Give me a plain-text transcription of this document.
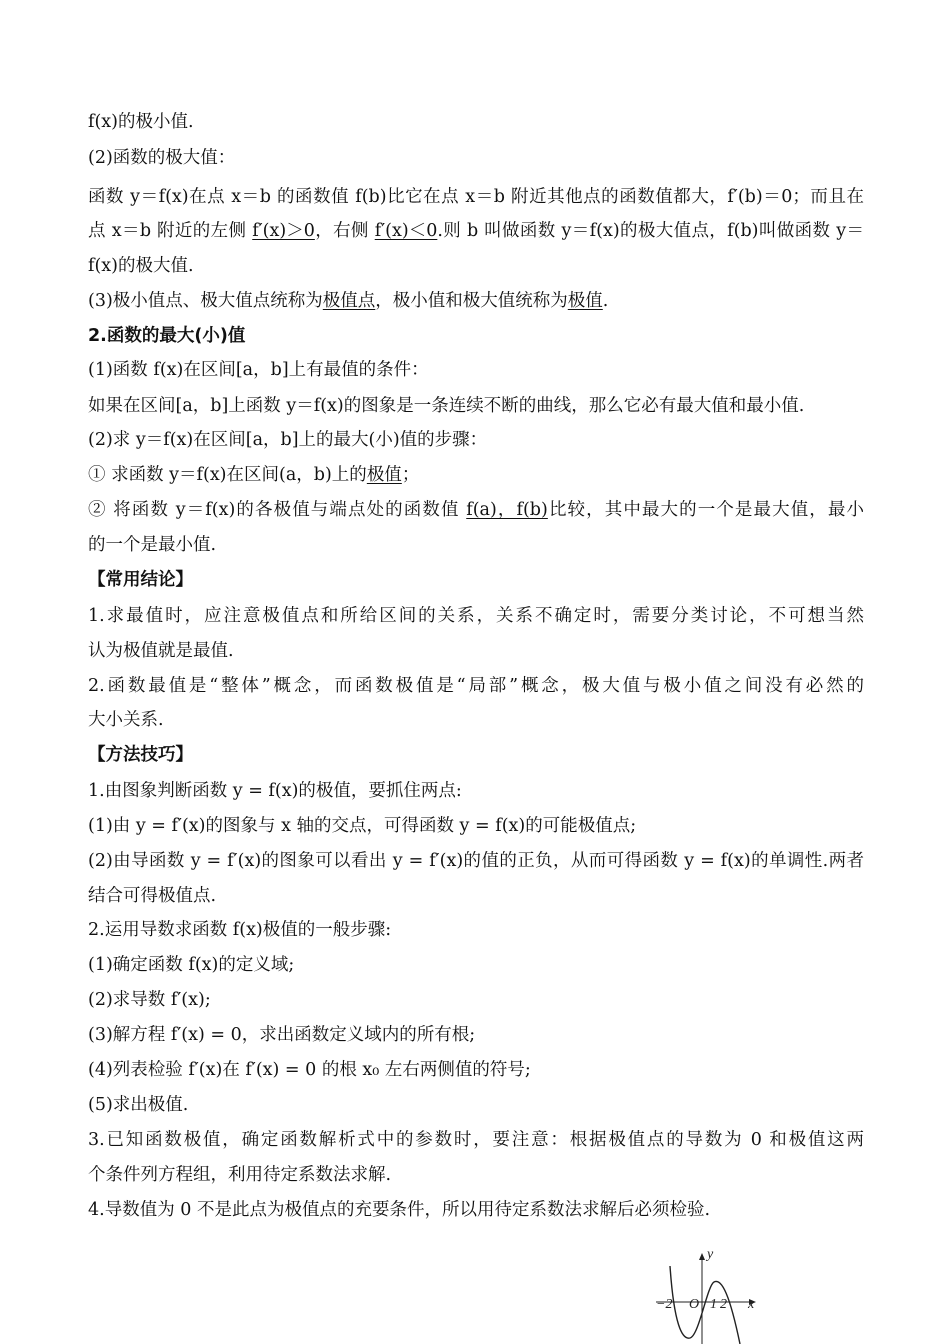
f(x)的极小值.
(2)函数的极大值：
函数 y＝f(x)在点 x＝b 的函数值 f(b)比它在点 x＝b 附近其他点的函数值都大，f′(b)＝0；而且在
点 x＝b 附近的左侧 f′(x)＞0，右侧 f′(x)＜0.则 b 叫做函数 y＝f(x)的极大值点，f(b)叫做函数 y＝
f(x)的极大值.
(3)极小值点、极大值点统称为极值点，极小值和极大值统称为极值.
2.函数的最大(小)值
(1)函数 f(x)在区间[a，b]上有最值的条件：
如果在区间[a，b]上函数 y＝f(x)的图象是一条连续不断的曲线，那么它必有最大值和最小值.
(2)求 y＝f(x)在区间[a，b]上的最大(小)值的步骤：
① 求函数 y＝f(x)在区间(a，b)上的极值；
② 将函数 y＝f(x)的各极值与端点处的函数值 f(a)，f(b)比较，其中最大的一个是最大值，最小
的一个是最小值.
【常用结论】
1.求最值时，应注意极值点和所给区间的关系，关系不确定时，需要分类讨论，不可想当然
认为极值就是最值.
2.函数最值是“整体”概念，而函数极值是“局部”概念，极大值与极小值之间没有必然的
大小关系.
【方法技巧】
1.由图象判断函数 y = f(x)的极值，要抓住两点:
(1)由 y = f′(x)的图象与 x 轴的交点，可得函数 y = f(x)的可能极值点;
(2)由导函数 y = f′(x)的图象可以看出 y = f′(x)的值的正负，从而可得函数 y = f(x)的单调性.两者
结合可得极值点.
2.运用导数求函数 f(x)极值的一般步骤:
(1)确定函数 f(x)的定义域;
(2)求导数 f′(x);
(3)解方程 f′(x) = 0，求出函数定义域内的所有根;
(4)列表检验 f′(x)在 f′(x) = 0 的根 x₀ 左右两侧值的符号;
(5)求出极值.
3.已知函数极值，确定函数解析式中的参数时，要注意：根据极值点的导数为 0 和极值这两
个条件列方程组，利用待定系数法求解.
4.导数值为 0 不是此点为极值点的充要条件，所以用待定系数法求解后必须检验.
y
x
O
−2	1 2
